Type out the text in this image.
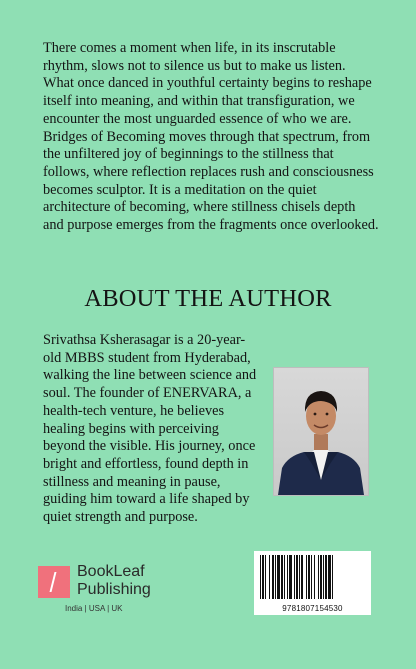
There comes a moment when life, in its inscrutable rhythm, slows not to silence us but to make us listen. What once danced in youthful certainty begins to reshape itself into meaning, and within that transfiguration, we encounter the most unguarded essence of who we are. Bridges of Becoming moves through that spectrum, from the unfiltered joy of beginnings to the stillness that follows, where reflection replaces rush and consciousness becomes sculptor. It is a meditation on the quiet architecture of becoming, where stillness chisels depth and purpose emerges from the fragments once overlooked.

ABOUT THE AUTHOR

Srivathsa Ksherasagar is a 20-year-old MBBS student from Hyderabad, walking the line between science and soul. The founder of ENERVARA, a health-tech venture, he believes healing begins with perceiving beyond the visible. His journey, once bright and effortless, found depth in stillness and meaning in pause, guiding him toward a life shaped by quiet strength and purpose.

BookLeaf
Publishing
India | USA | UK	9781807154530
